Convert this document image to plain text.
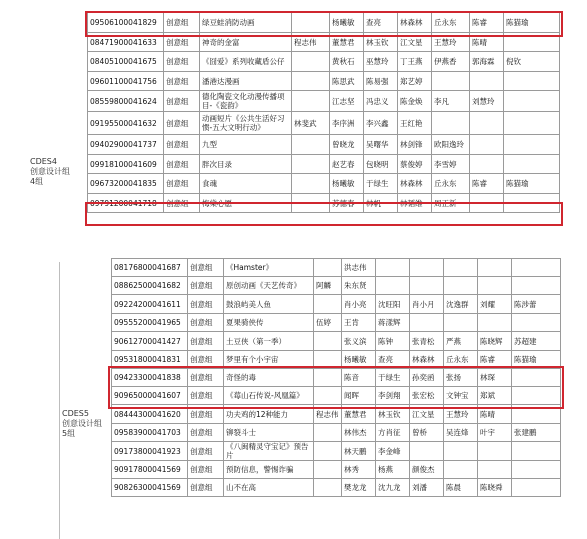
CDES4
创意设计组
4组
09506100041829	创意组	绿豆蛙消防动画		杨曦敏	查亮	林森林	丘永东	陈睿	陈猫瑜
08471900041633	创意组	神奇的金富	程志伟	董慧君	林玉钦	江文星	王慧玲	陈晴	
08405100041675	创意组	《囧爱》系列收藏盾公仔		黄秋石	巫慧玲	丁王燕	伊燕香	郭海霖	倪钦
09601100041756	创意组	潘港达漫画		陈思武	陈易强	郑艺婷			
08559800041624	创意组	德化陶瓷文化动漫传播项目-《瓷韵》		江志坚	冯忠义	陈金焕	李凡	刘慧玲	
09195500041632	创意组	动画短片《公共生活好习惯-五大文明行动》	林斐武	李序洲	李兴鑫	王红艳			
09402900041737	创意组	九型		曾晓龙	吴曙华	林剑锋	欧阳逸玲		
09918100041609	创意组	胖次目录		赵艺春	包晓明	蔡俊婷	李雪婷		
09673200041835	创意组	食魂		杨曦敏	于绿生	林森林	丘永东	陈睿	陈猫瑜
09791200041718	创意组	梅棠心愿		苏德春	林帆	林韬维	周正新		
CDES5
创意设计组
5组
08176800041687	创意组	《Hamster》		洪志伟					
08862500041682	创意组	原创动画《天艺传奇》	阿麟	朱东贤					
09224200041611	创意组	鼓浪屿美人鱼		肖小亮	沈旺阳	肖小月	沈逸群	刘耀	陈涉蕾
09555200041965	创意组	夏果骑侠传	伍婷	王肯	蒋漾辉				
90612700041427	创意组	土豆侠（第一季）		张义滨	陈钟	张青松	严燕	陈晓辉	苏超建
09531800041831	创意组	梦里有个小宇宙		杨曦敏	查亮	林森林	丘永东	陈睿	陈猫瑜
09423300041838	创意组	奇怪的毒		陈音	于绿生	孙奕函	张扬	林琛	
90965000041607	创意组	《莓山石传说-风凰篇》		闻晖	李剑翔	张宏松	文钟宝	郑斌	
08444300041620	创意组	功夫鸡的12种能力	程志伟	董慧君	林玉钦	江文星	王慧玲	陈晴	
09583900041703	创意组	铆裂斗士		林伟杰	方肖征	曾桥	吴连烽	叶宇	张建鹏
09173800041923	创意组	《八闽精灵守宝记》预告片		林天鹏	李金峰				
90917800041569	创意组	预防信息，警惕诈骗		林秀	杨燕	颜俊杰			
90826300041569	创意组	山不在高		樊龙龙	沈九龙	刘潘	陈晨	陈晓舜	
